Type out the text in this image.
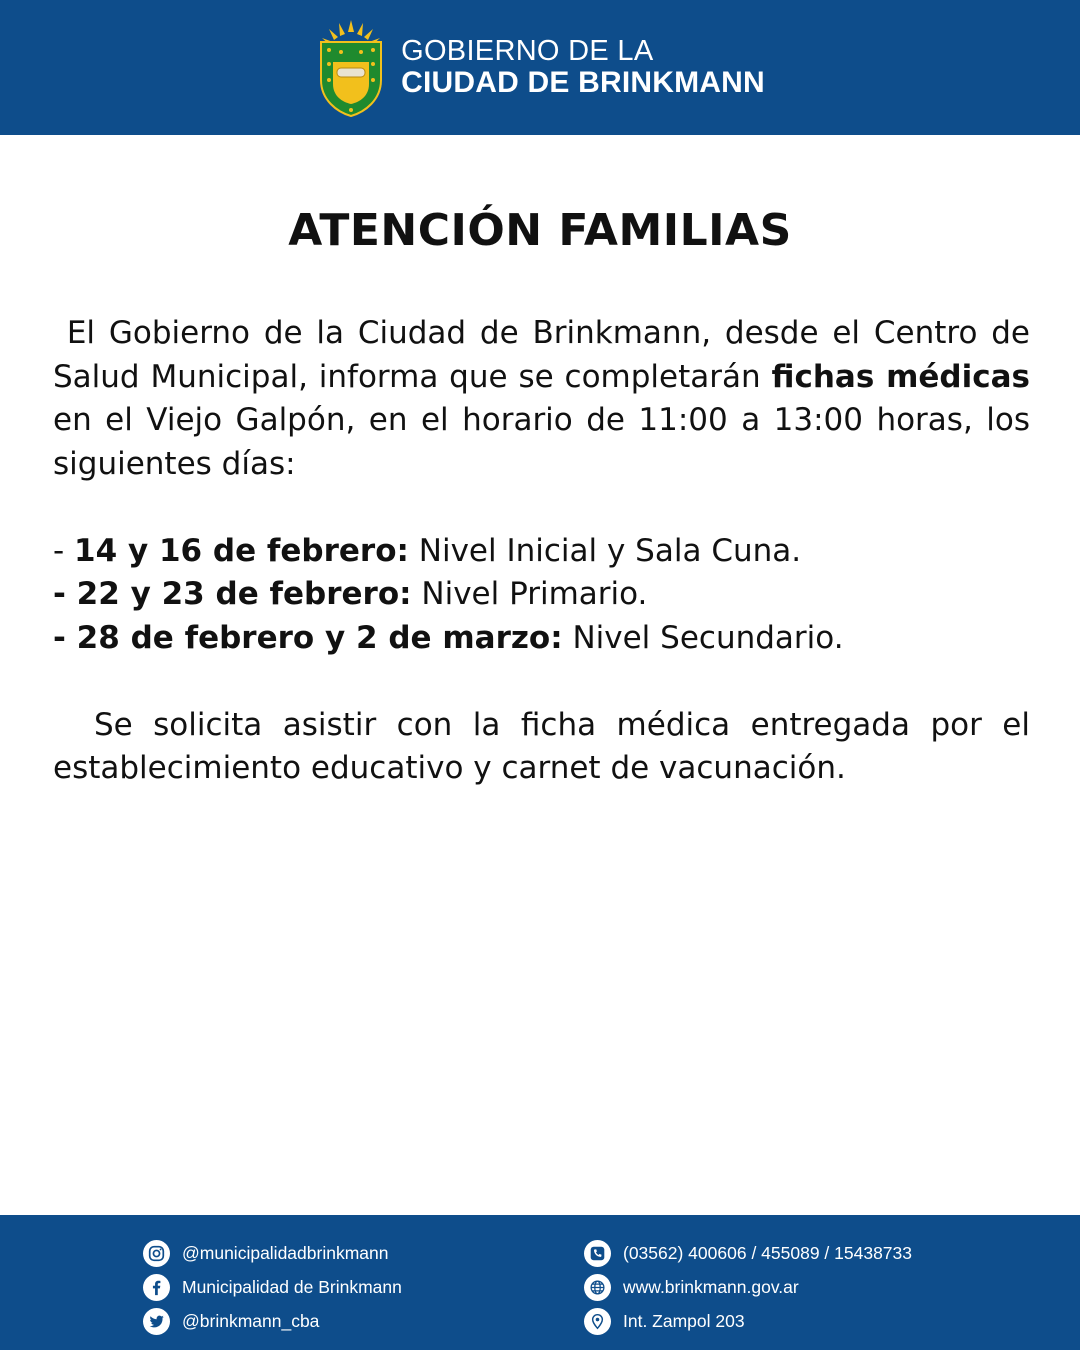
GOBIERNO DE LA
CIUDAD DE BRINKMANN
ATENCIÓN FAMILIAS

El Gobierno de la Ciudad de Brinkmann, desde el Centro de Salud Municipal, informa que se completarán fichas médicas en el Viejo Galpón, en el horario de 11:00 a 13:00 horas, los siguientes días:

- 14 y 16 de febrero: Nivel Inicial y Sala Cuna.
- 22 y 23 de febrero: Nivel Primario.
- 28 de febrero y 2 de marzo: Nivel Secundario.

Se solicita asistir con la ficha médica entregada por el establecimiento educativo y carnet de vacunación.

@municipalidadbrinkmann
Municipalidad de Brinkmann
@brinkmann_cba
(03562) 400606 / 455089 / 15438733
www.brinkmann.gov.ar
Int. Zampol 203
